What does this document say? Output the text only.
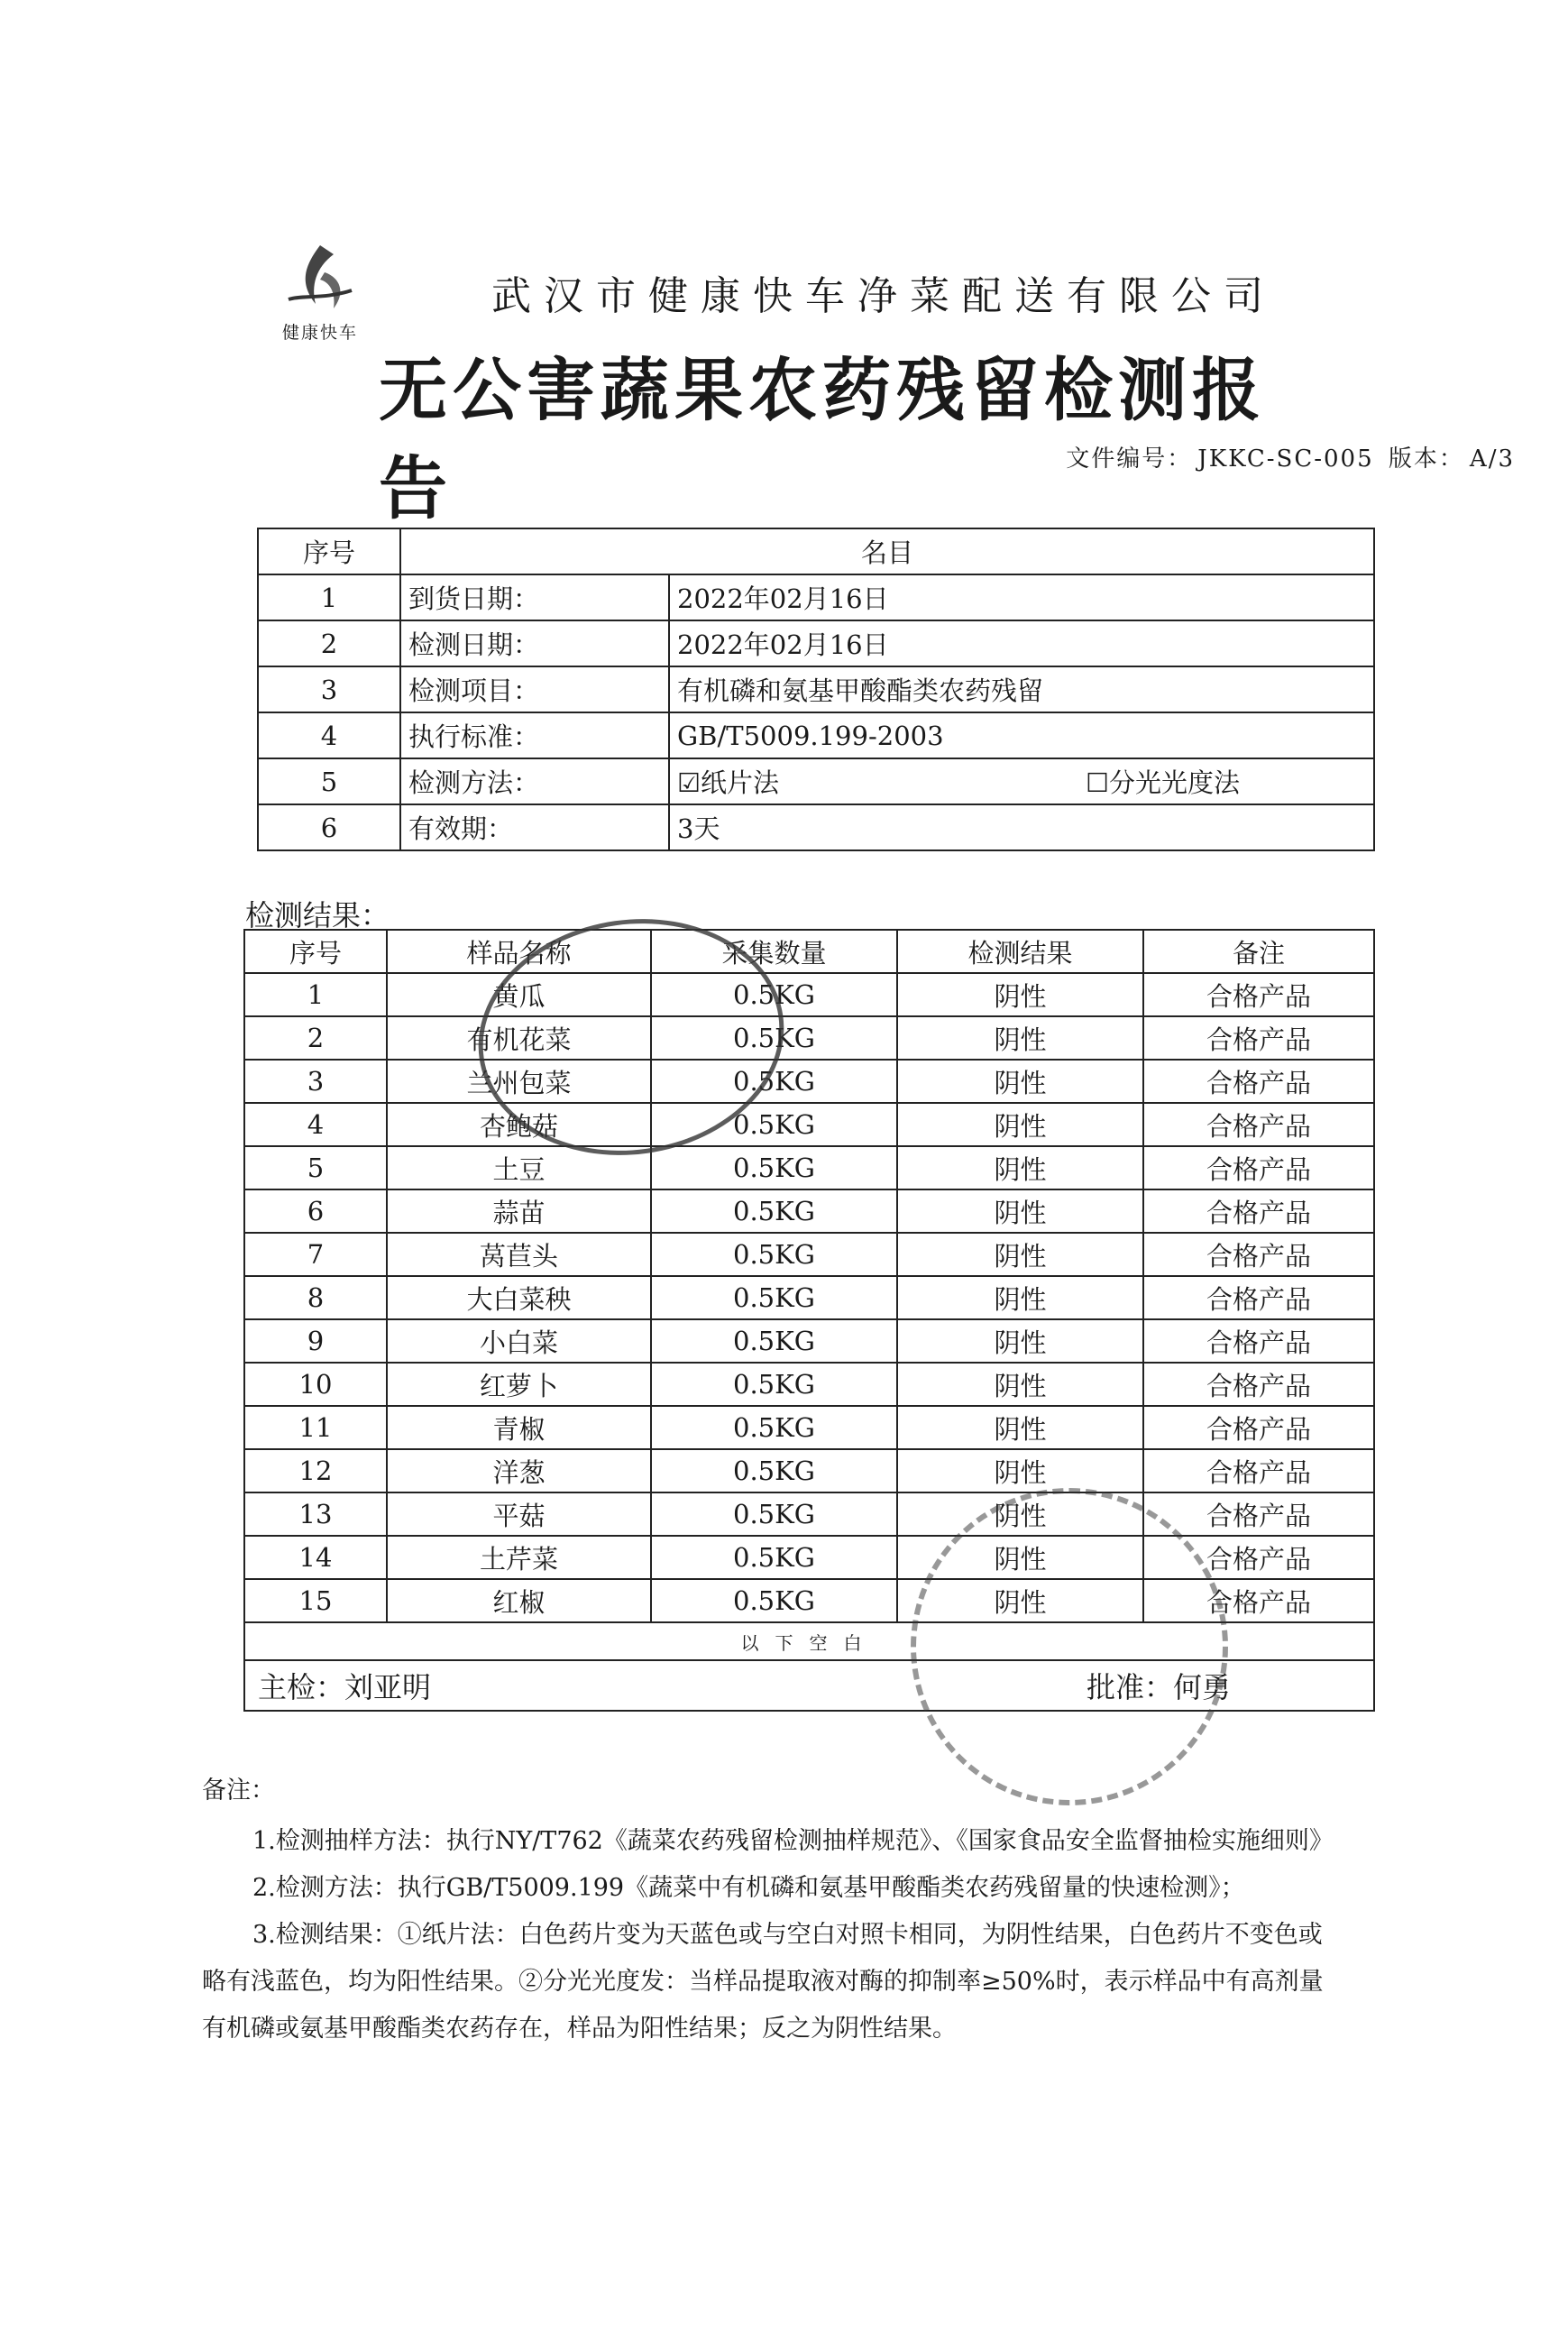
健康快车
武汉市健康快车净菜配送有限公司
无公害蔬果农药残留检测报告	文件编号： JKKC-SC-005 版本： A/3
序号	名目	
1	到货日期：	2022年02月16日
2	检测日期：	2022年02月16日
3	检测项目：	有机磷和氨基甲酸酯类农药残留
4	执行标准：	GB/T5009.199-2003
5	检测方法：	☑纸片法 ☐分光光度法

6	有效期：	3天
检测结果：
序号	样品名称	采集数量	检测结果	备注
1	黄瓜	0.5KG	阴性	合格产品
2	有机花菜	0.5KG	阴性	合格产品
3	兰州包菜	0.5KG	阴性	合格产品
4	杏鲍菇	0.5KG	阴性	合格产品
5	土豆	0.5KG	阴性	合格产品
6	蒜苗	0.5KG	阴性	合格产品
7	莴苣头	0.5KG	阴性	合格产品
8	大白菜秧	0.5KG	阴性	合格产品
9	小白菜	0.5KG	阴性	合格产品
10	红萝卜	0.5KG	阴性	合格产品
11	青椒	0.5KG	阴性	合格产品
12	洋葱	0.5KG	阴性	合格产品
13	平菇	0.5KG	阴性	合格产品
14	土芹菜	0.5KG	阴性	合格产品
15	红椒	0.5KG	阴性	合格产品
以下空白				

主检：刘亚明 批准：何勇				
备注：
1.检测抽样方法：执行NY/T762《蔬菜农药残留检测抽样规范》、《国家食品安全监督抽检实施细则》
2.检测方法：执行GB/T5009.199《蔬菜中有机磷和氨基甲酸酯类农药残留量的快速检测》；
3.检测结果：①纸片法：白色药片变为天蓝色或与空白对照卡相同，为阴性结果，白色药片不变色或
略有浅蓝色，均为阳性结果。②分光光度发：当样品提取液对酶的抑制率≥50%时，表示样品中有高剂量
有机磷或氨基甲酸酯类农药存在，样品为阳性结果；反之为阴性结果。
